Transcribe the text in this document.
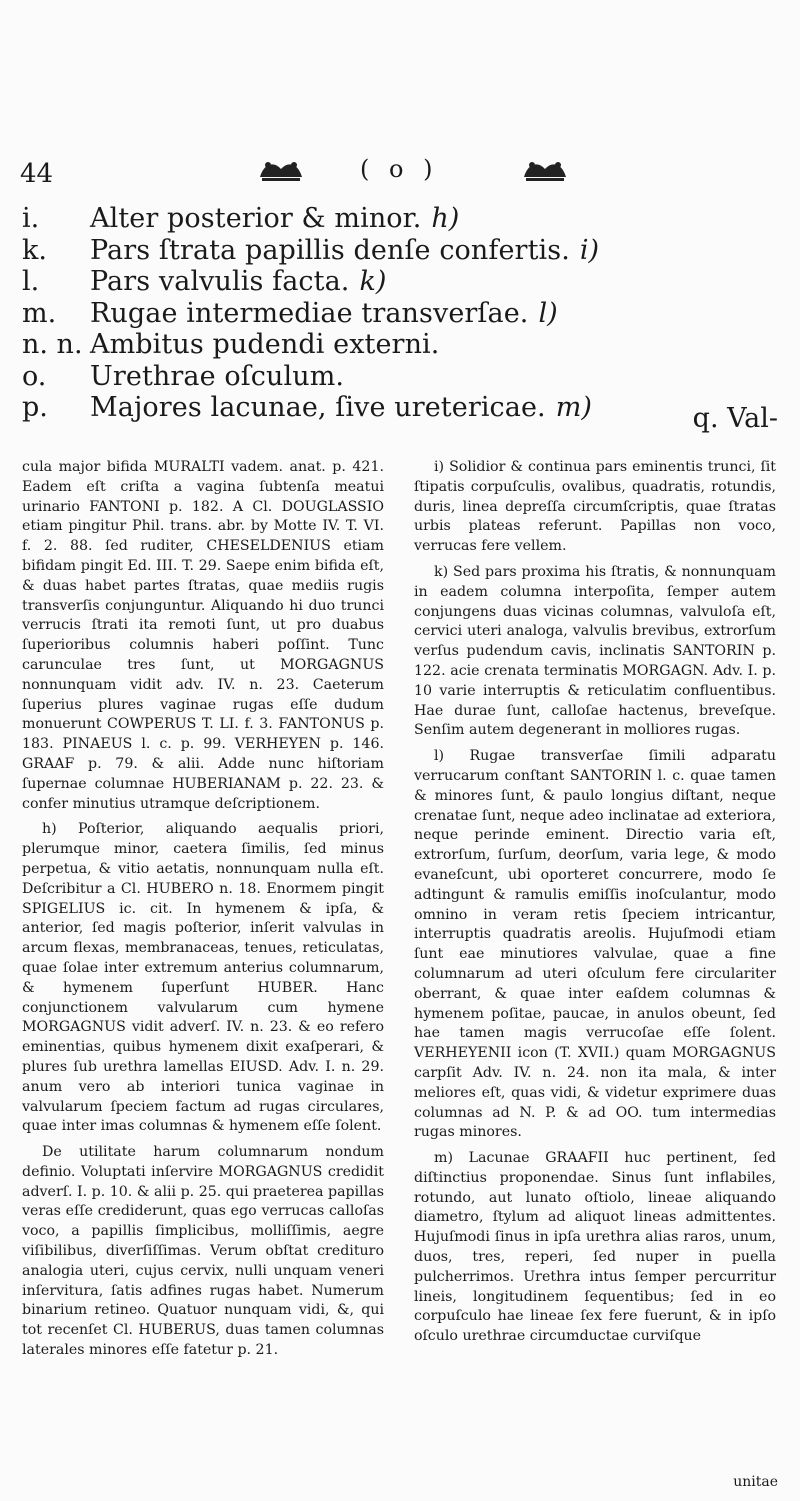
44	( o )
i. Alter posterior & minor. h)
k. Pars ſtrata papillis denſe confertis. i)
l. Pars valvulis facta. k)
m. Rugae intermediae transverſae. l)
n. n. Ambitus pudendi externi.
o. Urethrae oſculum.
p. Majores lacunae, ſive uretericae. m)	q. Val-

cula major bifida MURALTI vadem. anat. p. 421. Eadem eſt criſta a vagina ſubtenſa meatui urinario FANTONI p. 182. A Cl. DOUGLASSIO etiam pingitur Phil. trans. abr. by Motte IV. T. VI. f. 2. 88. ſed ruditer, CHESELDENIUS etiam bifidam pingit Ed. III. T. 29. Saepe enim bifida eſt, & duas habet partes ſtratas, quae mediis rugis transverſis conjunguntur. Aliquando hi duo trunci verrucis ſtrati ita remoti ſunt, ut pro duabus ſuperioribus columnis haberi poſſint. Tunc carunculae tres ſunt, ut MORGAGNUS nonnunquam vidit adv. IV. n. 23. Caeterum ſuperius plures vaginae rugas eſſe dudum monuerunt COWPERUS T. LI. f. 3. FANTONUS p. 183. PINAEUS l. c. p. 99. VERHEYEN p. 146. GRAAF p. 79. & alii. Adde nunc hiſtoriam ſupernae columnae HUBERIANAM p. 22. 23. & confer minutius utramque deſcriptionem.

h) Poſterior, aliquando aequalis priori, plerumque minor, caetera ſimilis, ſed minus perpetua, & vitio aetatis, nonnunquam nulla eſt. Deſcribitur a Cl. HUBERO n. 18. Enormem pingit SPIGELIUS ic. cit. In hymenem & ipſa, & anterior, ſed magis poſterior, inſerit valvulas in arcum flexas, membranaceas, tenues, reticulatas, quae ſolae inter extremum anterius columnarum, & hymenem ſuperſunt HUBER. Hanc conjunctionem valvularum cum hymene MORGAGNUS vidit adverſ. IV. n. 23. & eo refero eminentias, quibus hymenem dixit exaſperari, & plures ſub urethra lamellas EIUSD. Adv. I. n. 29. anum vero ab interiori tunica vaginae in valvularum ſpeciem factum ad rugas circulares, quae inter imas columnas & hymenem eſſe ſolent.

De utilitate harum columnarum nondum definio. Voluptati inſervire MORGAGNUS credidit adverſ. I. p. 10. & alii p. 25. qui praeterea papillas veras eſſe crediderunt, quas ego verrucas calloſas voco, a papillis ſimplicibus, molliſſimis, aegre viſibilibus, diverſiſſimas. Verum obſtat credituro analogia uteri, cujus cervix, nulli unquam veneri inſervitura, ſatis adfines rugas habet. Numerum binarium retineo. Quatuor nunquam vidi, &, qui tot recenſet Cl. HUBERUS, duas tamen columnas laterales minores eſſe fatetur p. 21.

i) Solidior & continua pars eminentis trunci, ſit ſtipatis corpuſculis, ovalibus, quadratis, rotundis, duris, linea depreſſa circumſcriptis, quae ſtratas urbis plateas referunt. Papillas non voco, verrucas fere vellem.

k) Sed pars proxima his ſtratis, & nonnunquam in eadem columna interpoſita, ſemper autem conjungens duas vicinas columnas, valvuloſa eſt, cervici uteri analoga, valvulis brevibus, extrorſum verſus pudendum cavis, inclinatis SANTORIN p. 122. acie crenata terminatis MORGAGN. Adv. I. p. 10 varie interruptis & reticulatim confluentibus. Hae durae ſunt, calloſae hactenus, breveſque. Senſim autem degenerant in molliores rugas.

l) Rugae transverſae ſimili adparatu verrucarum conſtant SANTORIN l. c. quae tamen & minores ſunt, & paulo longius diſtant, neque crenatae ſunt, neque adeo inclinatae ad exteriora, neque perinde eminent. Directio varia eſt, extrorſum, ſurſum, deorſum, varia lege, & modo evaneſcunt, ubi oporteret concurrere, modo ſe adtingunt & ramulis emiſſis inoſculantur, modo omnino in veram retis ſpeciem intricantur, interruptis quadratis areolis. Hujuſmodi etiam ſunt eae minutiores valvulae, quae a fine columnarum ad uteri oſculum fere circulariter oberrant, & quae inter eaſdem columnas & hymenem poſitae, paucae, in anulos obeunt, ſed hae tamen magis verrucoſae eſſe ſolent. VERHEYENII icon (T. XVII.) quam MORGAGNUS carpſit Adv. IV. n. 24. non ita mala, & inter meliores eſt, quas vidi, & videtur exprimere duas columnas ad N. P. & ad OO. tum intermedias rugas minores.

m) Lacunae GRAAFII huc pertinent, ſed diſtinctius proponendae. Sinus ſunt inflabiles, rotundo, aut lunato oſtiolo, lineae aliquando diametro, ſtylum ad aliquot lineas admittentes. Hujuſmodi ſinus in ipſa urethra alias raros, unum, duos, tres, reperi, ſed nuper in puella pulcherrimos. Urethra intus ſemper percurritur lineis, longitudinem ſequentibus; ſed in eo corpuſculo hae lineae ſex fere fuerunt, & in ipſo oſculo urethrae circumductae curviſque

unitae
